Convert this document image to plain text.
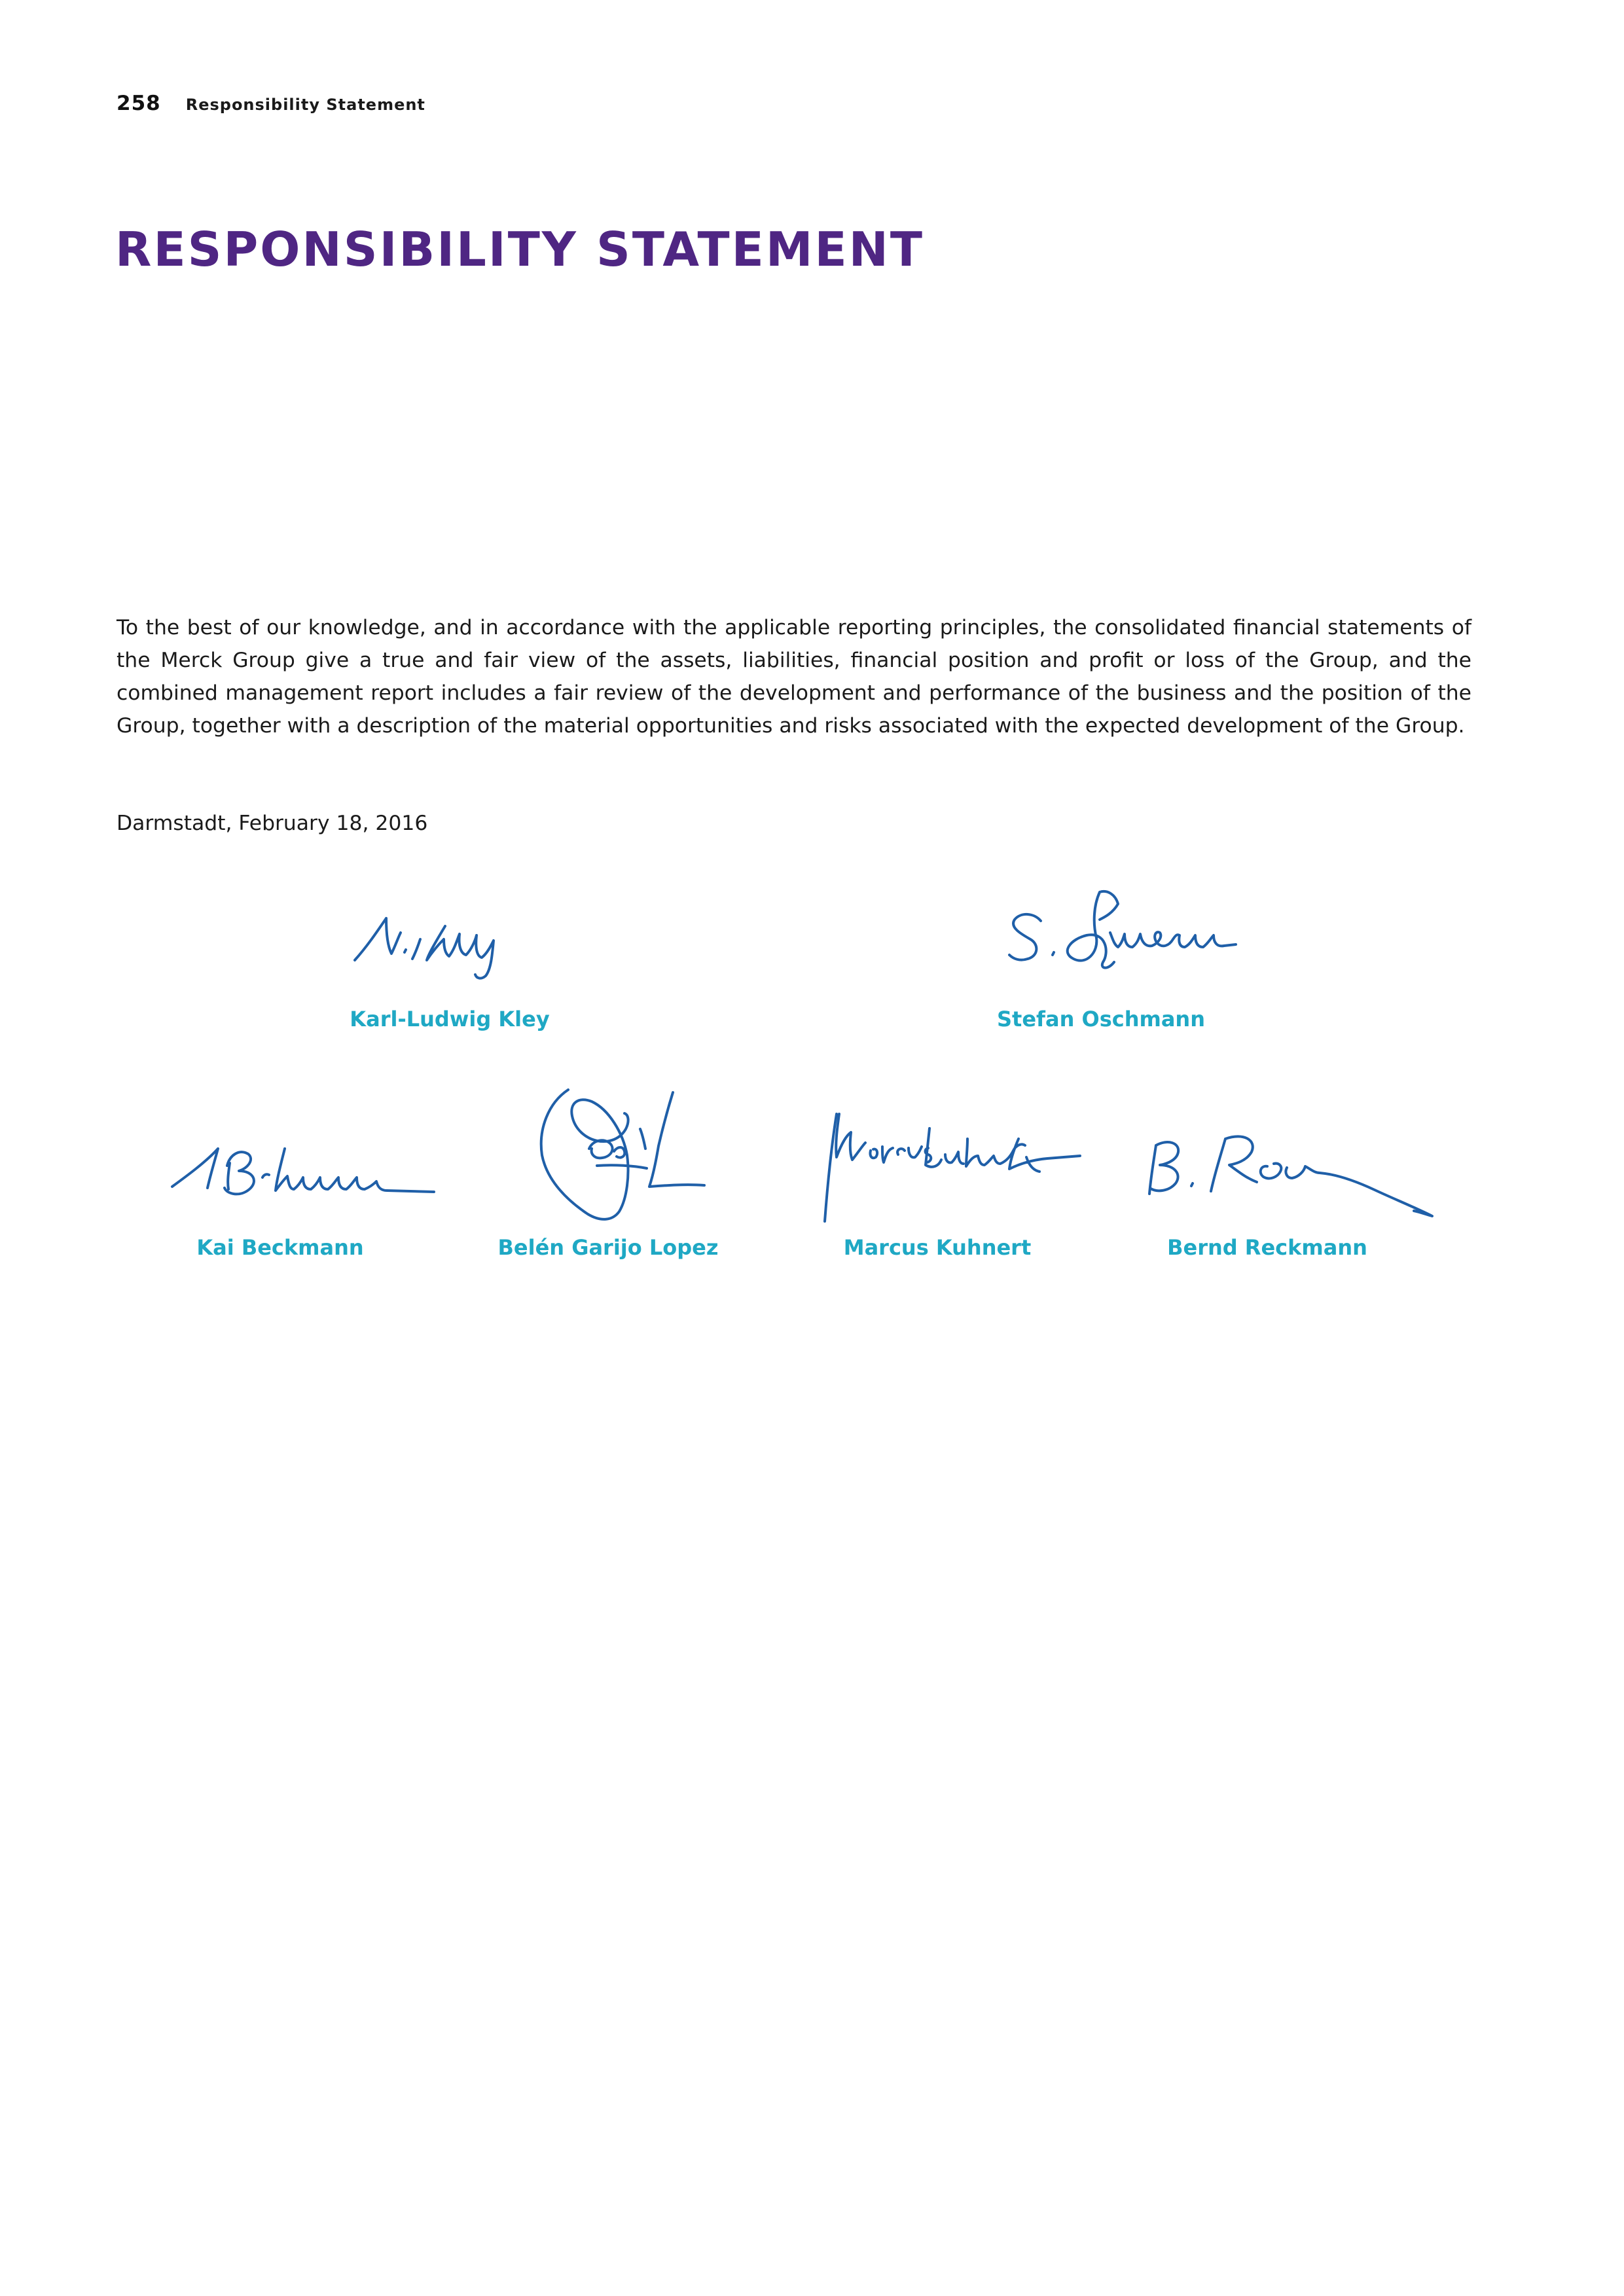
258 Responsibility Statement
RESPONSIBILITY STATEMENT

To the best of our knowledge, and in accordance with the applicable reporting principles, the consolidated financial statements of the Merck Group give a true and fair view of the assets, liabilities, financial position and profit or loss of the Group, and the combined management report includes a fair review of the development and performance of the business and the position of the Group, together with a description of the material opportunities and risks associated with the expected development of the Group.

Darmstadt, February 18, 2016

Karl-Ludwig Kley	Stefan Oschmann

Kai Beckmann	Belén Garijo Lopez	Marcus Kuhnert	Bernd Reckmann
